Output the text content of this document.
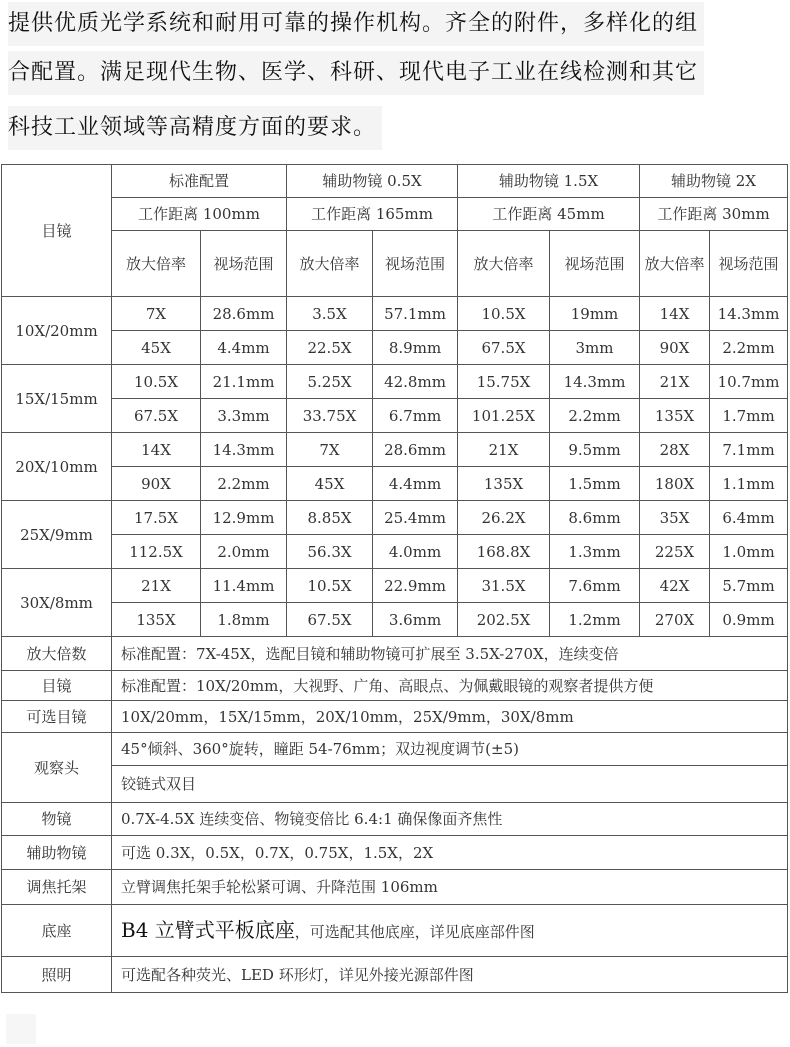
提供优质光学系统和耐用可靠的操作机构。齐全的附件，多样化的组
合配置。满足现代生物、医学、科研、现代电子工业在线检测和其它
科技工业领域等高精度方面的要求。
目镜	标准配置		辅助物镜 0.5X		辅助物镜 1.5X		辅助物镜 2X	
	工作距离 100mm		工作距离 165mm		工作距离 45mm		工作距离 30mm	
	放大倍率	视场范围	放大倍率	视场范围	放大倍率	视场范围	放大倍率	视场范围
10X/20mm	7X	28.6mm	3.5X	57.1mm	10.5X	19mm	14X	14.3mm
	45X	4.4mm	22.5X	8.9mm	67.5X	3mm	90X	2.2mm
15X/15mm	10.5X	21.1mm	5.25X	42.8mm	15.75X	14.3mm	21X	10.7mm
	67.5X	3.3mm	33.75X	6.7mm	101.25X	2.2mm	135X	1.7mm
20X/10mm	14X	14.3mm	7X	28.6mm	21X	9.5mm	28X	7.1mm
	90X	2.2mm	45X	4.4mm	135X	1.5mm	180X	1.1mm
25X/9mm	17.5X	12.9mm	8.85X	25.4mm	26.2X	8.6mm	35X	6.4mm
	112.5X	2.0mm	56.3X	4.0mm	168.8X	1.3mm	225X	1.0mm
30X/8mm	21X	11.4mm	10.5X	22.9mm	31.5X	7.6mm	42X	5.7mm
	135X	1.8mm	67.5X	3.6mm	202.5X	1.2mm	270X	0.9mm
放大倍数	标准配置：7X-45X，选配目镜和辅助物镜可扩展至 3.5X-270X，连续变倍							
目镜	标准配置：10X/20mm，大视野、广角、高眼点、为佩戴眼镜的观察者提供方便							
可选目镜	10X/20mm，15X/15mm，20X/10mm，25X/9mm，30X/8mm							
观察头	45°倾斜、360°旋转，瞳距 54-76mm；双边视度调节(±5)							
	铰链式双目							
物镜	0.7X-4.5X 连续变倍、物镜变倍比 6.4:1 确保像面齐焦性							
辅助物镜	可选 0.3X，0.5X，0.7X，0.75X，1.5X，2X							
调焦托架	立臂调焦托架手轮松紧可调、升降范围 106mm							
底座	B4 立臂式平板底座，可选配其他底座，详见底座部件图							
照明	可选配各种荧光、LED 环形灯，详见外接光源部件图							
